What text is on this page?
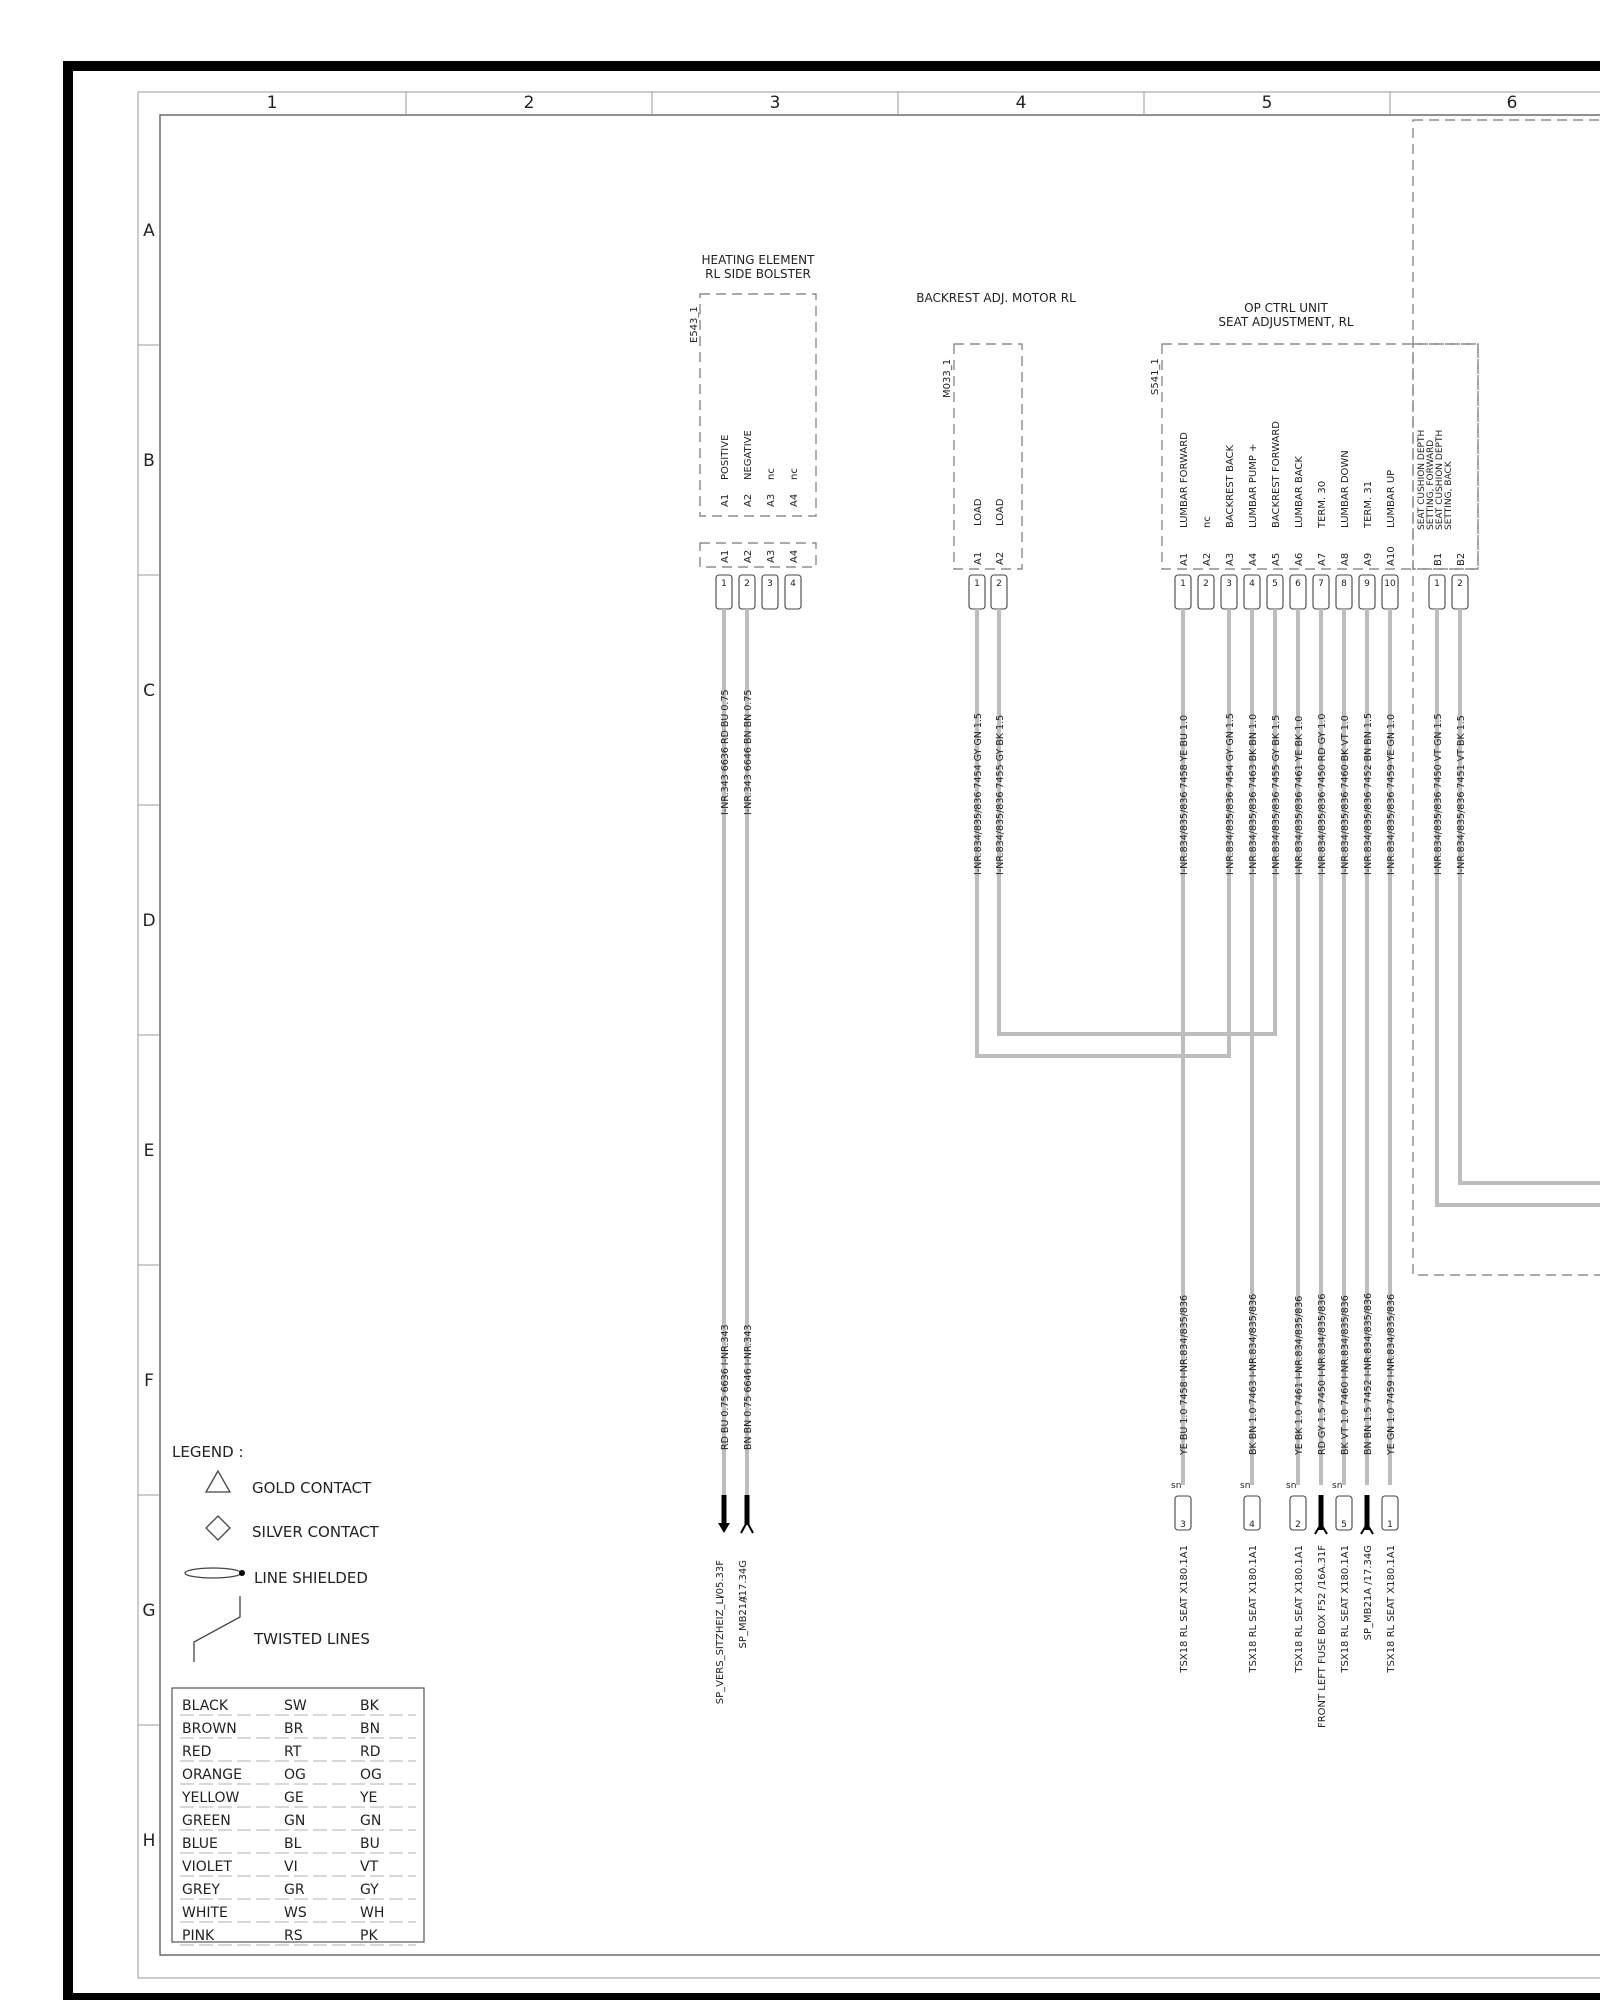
1	2	3	4	5	6
A
B
C
D
E
F
G
H
HEATING ELEMENT
RL SIDE BOLSTER
E543_1
A1
POSITIVE
A1
1
A2
NEGATIVE
A2
2
A3
nc
A3
3
A4
nc
A4
4
BACKREST ADJ. MOTOR RL
M033_1
LOAD
A1
1
LOAD
A2
2
OP CTRL UNIT
SEAT ADJUSTMENT, RL
S541_1
LUMBAR FORWARD
A1
1
nc
A2
2
BACKREST BACK
A3
3
LUMBAR PUMP +
A4
4
BACKREST FORWARD
A5
5
LUMBAR BACK
A6
6
TERM. 30
A7
7
LUMBAR DOWN
A8
8
TERM. 31
A9
9
LUMBAR UP
A10
10
SEAT CUSHION DEPTH SETTING, FORWARD SEAT CUSHION DEPTH SETTING, BACK
B1
1
B2
2
I-NR.343 6636 RD BU 0.75 I-NR.343 6646 BN BN 0.75
RD BU 0.75 6636 I-NR.343 BN BN 0.75 6646 I-NR.343
I-NR.834/835/836 7454 GY GN 1.5 I-NR.834/835/836 7455 GY BK 1.5	I-NR.834/835/836 7458 YE BU 1.0	I-NR.834/835/836 7454 GY GN 1.5 I-NR.834/835/836 7463 BK BN 1.0 I-NR.834/835/836 7455 GY BK 1.5 I-NR.834/835/836 7461 YE BK 1.0 I-NR.834/835/836 7450 RD GY 1.0 I-NR.834/835/836 7460 BK VT 1.0 I-NR.834/835/836 7452 BN BN 1.5 I-NR.834/835/836 7459 YE GN 1.0
YE BU 1.0 7458 I-NR.834/835/836	BK BN 1.0 7463 I-NR.834/835/836	YE BK 1.0 7461 I-NR.834/835/836 RD GY 1.5 7450 I-NR.834/835/836 BK VT 1.0 7460 I-NR.834/835/836 BN BN 1.5 7452 I-NR.834/835/836 YE GN 1.0 7459 I-NR.834/835/836
I-NR.834/835/836 7450 VT GN 1.5 I-NR.834/835/836 7451 VT BK 1.5
/05.33F
SP_VERS_SITZHEIZ_LI
/17.34G
SP_MB21A
sn
3
TSX18 RL SEAT X180.1A1
sn
4
TSX18 RL SEAT X180.1A1
sn
2
TSX18 RL SEAT X180.1A1 FRONT LEFT FUSE BOX F52 /16A.31F
sn
5
TSX18 RL SEAT X180.1A1 SP_MB21A /17.34G
1
TSX18 RL SEAT X180.1A1
LEGEND :
GOLD CONTACT
SILVER CONTACT
LINE SHIELDED
TWISTED LINES
BLACK	SW	BK
BROWN	BR	BN
RED	RT	RD
ORANGE	OG	OG
YELLOW	GE	YE
GREEN	GN	GN
BLUE	BL	BU
VIOLET	VI	VT
GREY	GR	GY
WHITE	WS	WH
PINK	RS	PK
